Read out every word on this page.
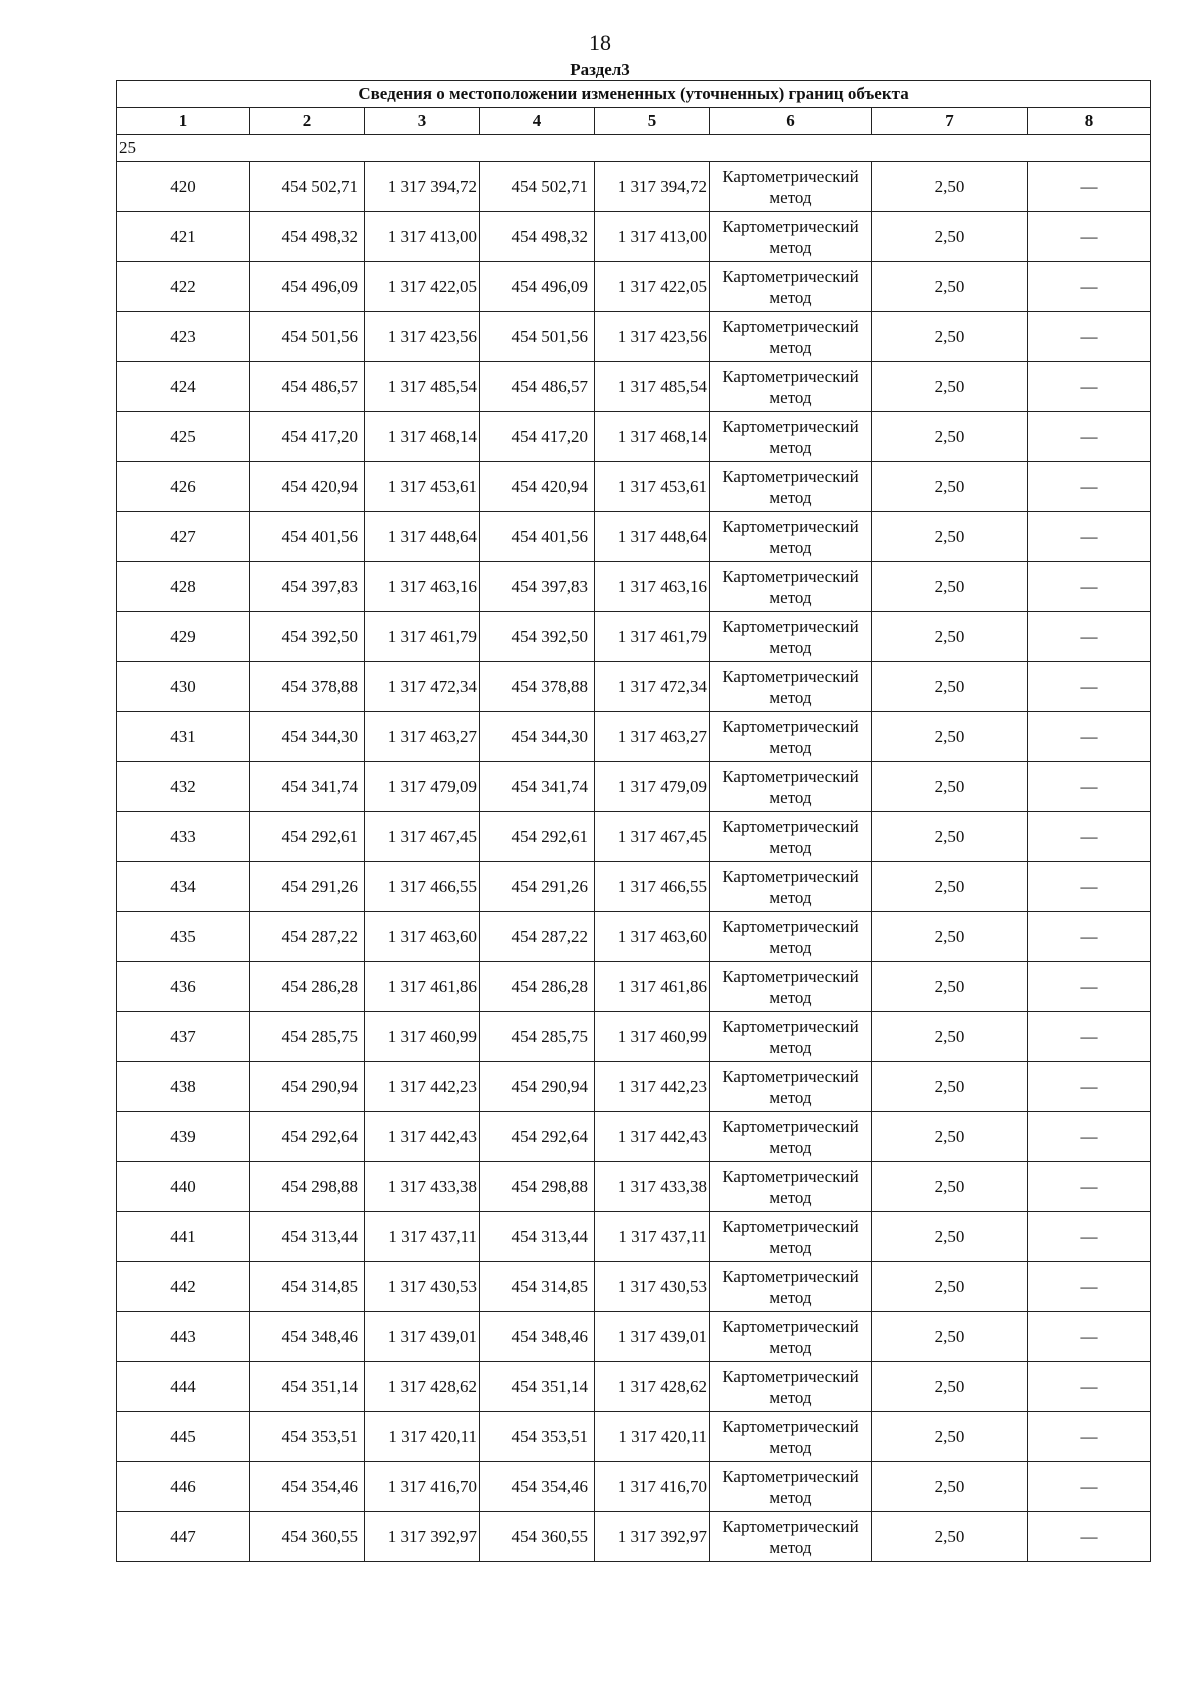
18
Раздел3
Сведения о местоположении измененных (уточненных) границ объекта							
1	2	3	4	5	6	7	8
25							
420	454 502,71	1 317 394,72	454 502,71	1 317 394,72	Картометрический метод	2,50	—
421	454 498,32	1 317 413,00	454 498,32	1 317 413,00	Картометрический метод	2,50	—
422	454 496,09	1 317 422,05	454 496,09	1 317 422,05	Картометрический метод	2,50	—
423	454 501,56	1 317 423,56	454 501,56	1 317 423,56	Картометрический метод	2,50	—
424	454 486,57	1 317 485,54	454 486,57	1 317 485,54	Картометрический метод	2,50	—
425	454 417,20	1 317 468,14	454 417,20	1 317 468,14	Картометрический метод	2,50	—
426	454 420,94	1 317 453,61	454 420,94	1 317 453,61	Картометрический метод	2,50	—
427	454 401,56	1 317 448,64	454 401,56	1 317 448,64	Картометрический метод	2,50	—
428	454 397,83	1 317 463,16	454 397,83	1 317 463,16	Картометрический метод	2,50	—
429	454 392,50	1 317 461,79	454 392,50	1 317 461,79	Картометрический метод	2,50	—
430	454 378,88	1 317 472,34	454 378,88	1 317 472,34	Картометрический метод	2,50	—
431	454 344,30	1 317 463,27	454 344,30	1 317 463,27	Картометрический метод	2,50	—
432	454 341,74	1 317 479,09	454 341,74	1 317 479,09	Картометрический метод	2,50	—
433	454 292,61	1 317 467,45	454 292,61	1 317 467,45	Картометрический метод	2,50	—
434	454 291,26	1 317 466,55	454 291,26	1 317 466,55	Картометрический метод	2,50	—
435	454 287,22	1 317 463,60	454 287,22	1 317 463,60	Картометрический метод	2,50	—
436	454 286,28	1 317 461,86	454 286,28	1 317 461,86	Картометрический метод	2,50	—
437	454 285,75	1 317 460,99	454 285,75	1 317 460,99	Картометрический метод	2,50	—
438	454 290,94	1 317 442,23	454 290,94	1 317 442,23	Картометрический метод	2,50	—
439	454 292,64	1 317 442,43	454 292,64	1 317 442,43	Картометрический метод	2,50	—
440	454 298,88	1 317 433,38	454 298,88	1 317 433,38	Картометрический метод	2,50	—
441	454 313,44	1 317 437,11	454 313,44	1 317 437,11	Картометрический метод	2,50	—
442	454 314,85	1 317 430,53	454 314,85	1 317 430,53	Картометрический метод	2,50	—
443	454 348,46	1 317 439,01	454 348,46	1 317 439,01	Картометрический метод	2,50	—
444	454 351,14	1 317 428,62	454 351,14	1 317 428,62	Картометрический метод	2,50	—
445	454 353,51	1 317 420,11	454 353,51	1 317 420,11	Картометрический метод	2,50	—
446	454 354,46	1 317 416,70	454 354,46	1 317 416,70	Картометрический метод	2,50	—
447	454 360,55	1 317 392,97	454 360,55	1 317 392,97	Картометрический метод	2,50	—
